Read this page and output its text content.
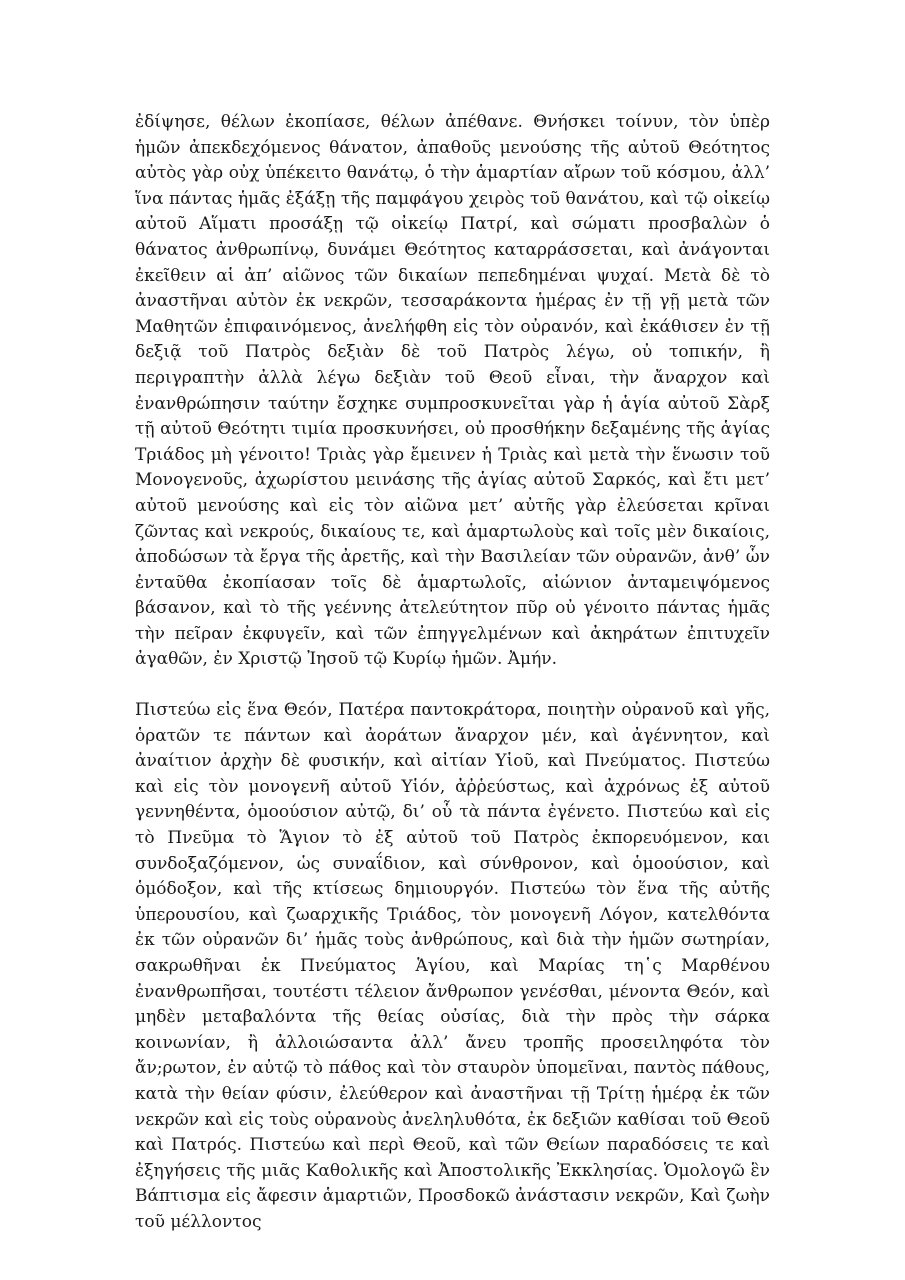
ἐδίψησε, θέλων ἐκοπίασε, θέλων ἀπέθανε. Θνήσκει τοίνυν, τὸν ὑπὲρ ἡμῶν ἀπεκδεχόμενος θάνατον, ἀπαθοῦς μενούσης τῆς αὐτοῦ Θεότητος αὐτὸς γὰρ οὐχ ὑπέκειτο θανάτῳ, ὁ τὴν ἁμαρτίαν αἴρων τοῦ κόσμου, ἀλλ’ ἵνα πάντας ἡμᾶς ἐξάξῃ τῆς παμφάγου χειρὸς τοῦ θανάτου, καὶ τῷ οἰκείῳ αὐτοῦ Αἵματι προσάξῃ τῷ οἰκείῳ Πατρί, καὶ σώματι προσβαλὼν ὁ θάνατος ἀνθρωπίνῳ, δυνάμει Θεότητος καταρράσσεται, καὶ ἀνάγονται ἐκεῖθειν αἱ ἀπ’ αἰῶνος τῶν δικαίων πεπεδημέναι ψυχαί. Μετὰ δὲ τὸ ἀναστῆναι αὐτὸν ἐκ νεκρῶν, τεσσαράκοντα ἡμέρας ἐν τῇ γῇ μετὰ τῶν Μαθητῶν ἐπιφαινόμενος, ἀνελήφθη εἰς τὸν οὐρανόν, καὶ ἐκάθισεν ἐν τῇ δεξιᾷ τοῦ Πατρὸς δεξιὰν δὲ τοῦ Πατρὸς λέγω, οὐ τοπικήν, ἢ περιγραπτὴν ἀλλὰ λέγω δεξιὰν τοῦ Θεοῦ εἶναι, τὴν ἄναρχον καὶ ἐνανθρώπησιν ταύτην ἔσχηκε συμπροσκυνεῖται γὰρ ἡ ἁγία αὐτοῦ Σὰρξ τῇ αὐτοῦ Θεότητι τιμία προσκυνήσει, οὐ προσθήκην δεξαμένης τῆς ἁγίας Τριάδος μὴ γένοιτο! Τριὰς γὰρ ἔμεινεν ἡ Τριὰς καὶ μετὰ τὴν ἕνωσιν τοῦ Μονογενοῦς, ἀχωρίστου μεινάσης τῆς ἁγίας αὐτοῦ Σαρκός, καὶ ἔτι μετ’ αὐτοῦ μενούσης καὶ εἰς τὸν αἰῶνα μετ’ αὐτῆς γὰρ ἐλεύσεται κρῖναι ζῶντας καὶ νεκρούς, δικαίους τε, καὶ ἁμαρτωλοὺς καὶ τοῖς μὲν δικαίοις, ἀποδώσων τὰ ἔργα τῆς ἀρετῆς, καὶ τὴν Βασιλείαν τῶν οὐρανῶν, ἀνθ’ ὧν ἐνταῦθα ἐκοπίασαν τοῖς δὲ ἁμαρτωλοῖς, αἰώνιον ἀνταμειψόμενος βάσανον, καὶ τὸ τῆς γεέννης ἀτελεύτητον πῦρ οὐ γένοιτο πάντας ἡμᾶς τὴν πεῖραν ἐκφυγεῖν, καὶ τῶν ἐπηγγελμένων καὶ ἀκηράτων ἐπιτυχεῖν ἀγαθῶν, ἐν Χριστῷ Ἰησοῦ τῷ Κυρίῳ ἡμῶν. Ἀμήν.

Πιστεύω εἰς ἕνα Θεόν, Πατέρα παντοκράτορα, ποιητὴν οὐρανοῦ καὶ γῆς, ὁρατῶν τε πάντων καὶ ἀοράτων ἄναρχον μέν, καὶ ἀγέννητον, καὶ ἀναίτιον ἀρχὴν δὲ φυσικήν, καὶ αἰτίαν Υἱοῦ, καὶ Πνεύματος. Πιστεύω καὶ εἰς τὸν μονογενῆ αὐτοῦ Υἱόν, ἀῤῥεύστως, καὶ ἀχρόνως ἐξ αὐτοῦ γεννηθέντα, ὁμοούσιον αὐτῷ, δι’ οὗ τὰ πάντα ἐγένετο. Πιστεύω καὶ εἰς τὸ Πνεῦμα τὸ Ἅγιον τὸ ἐξ αὐτοῦ τοῦ Πατρὸς ἐκπορευόμενον, και συνδοξαζόμενον, ὡς συναΐδιον, καὶ σύνθρονον, καὶ ὁμοούσιον, καὶ ὁμόδοξον, καὶ τῆς κτίσεως δημιουργόν. Πιστεύω τὸν ἕνα τῆς αὐτῆς ὑπερουσίου, καὶ ζωαρχικῆς Τριάδος, τὸν μονογενῆ Λόγον, κατελθόντα ἐκ τῶν οὐρανῶν δι’ ἡμᾶς τοὺς ἀνθρώπους, καὶ διὰ τὴν ἡμῶν σωτηρίαν, σακρωθῆναι ἐκ Πνεύματος Ἁγίου, καὶ Μαρίας τη῾ς Μαρθένου ἐνανθρωπῆσαι, τουτέστι τέλειον ἄνθρωπον γενέσθαι, μένοντα Θεόν, καὶ μηδὲν μεταβαλόντα τῆς θείας οὐσίας, διὰ τὴν πρὸς τὴν σάρκα κοινωνίαν, ἢ ἀλλοιώσαντα ἀλλ’ ἄνευ τροπῆς προσειληφότα τὸν ἄν;ρωτον, ἐν αὐτῷ τὸ πάθος καὶ τὸν σταυρὸν ὑπομεῖναι, παντὸς πάθους, κατὰ τὴν θείαν φύσιν, ἐλεύθερον καὶ ἀναστῆναι τῇ Τρίτῃ ἡμέρᾳ ἐκ τῶν νεκρῶν καὶ εἰς τοὺς οὐρανοὺς ἀνεληλυθότα, ἐκ δεξιῶν καθίσαι τοῦ Θεοῦ καὶ Πατρός. Πιστεύω καὶ περὶ Θεοῦ, καὶ τῶν Θείων παραδόσεις τε καὶ ἐξηγήσεις τῆς μιᾶς Καθολικῆς καὶ Ἀποστολικῆς Ἐκκλησίας. Ὁμολογῶ ἓν Βάπτισμα εἰς ἄφεσιν ἁμαρτιῶν, Προσδοκῶ ἀνάστασιν νεκρῶν, Καὶ ζωὴν τοῦ μέλλοντος
